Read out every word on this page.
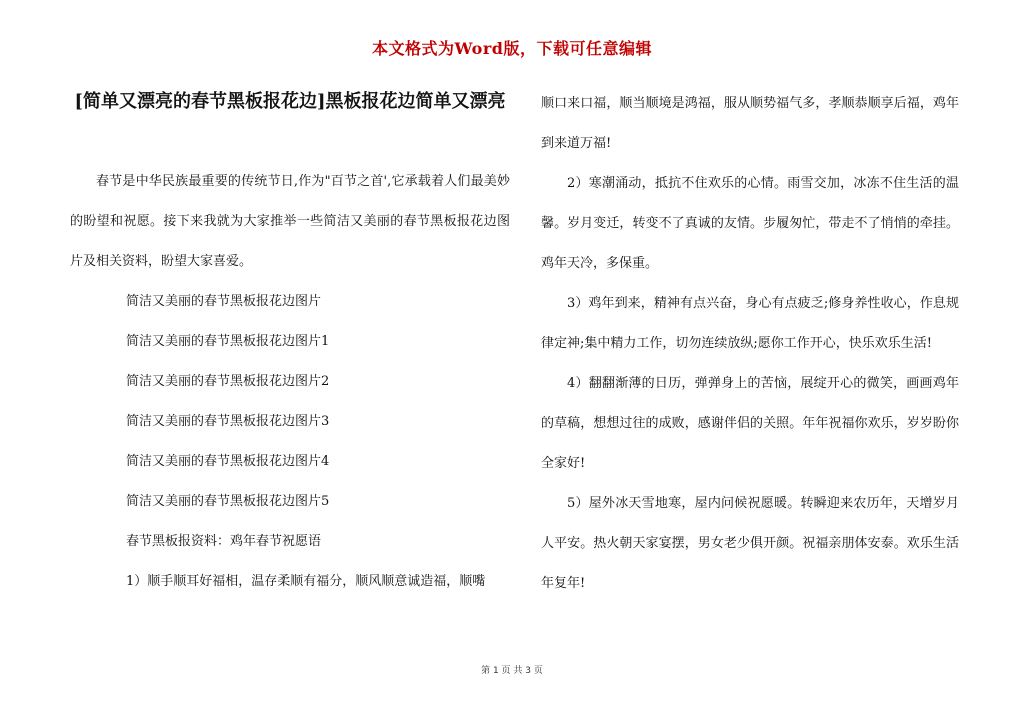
本文格式为Word版，下载可任意编辑
[简单又漂亮的春节黑板报花边]黑板报花边简单又漂亮

春节是中华民族最重要的传统节日,作为"百节之首',它承载着人们最美妙的盼望和祝愿。接下来我就为大家推举一些简洁又美丽的春节黑板报花边图片及相关资料，盼望大家喜爱。

简洁又美丽的春节黑板报花边图片

简洁又美丽的春节黑板报花边图片1

简洁又美丽的春节黑板报花边图片2

简洁又美丽的春节黑板报花边图片3

简洁又美丽的春节黑板报花边图片4

简洁又美丽的春节黑板报花边图片5

春节黑板报资料：鸡年春节祝愿语

1）顺手顺耳好福相，温存柔顺有福分，顺风顺意诚造福，顺嘴

顺口来口福，顺当顺境是鸿福，服从顺势福气多，孝顺恭顺享后福，鸡年到来道万福!

2）寒潮涌动，抵抗不住欢乐的心情。雨雪交加，冰冻不住生活的温馨。岁月变迁，转变不了真诚的友情。步履匆忙，带走不了悄悄的牵挂。鸡年天冷，多保重。

3）鸡年到来，精神有点兴奋，身心有点疲乏;修身养性收心，作息规律定神;集中精力工作，切勿连续放纵;愿你工作开心，快乐欢乐生活!

4）翻翻渐薄的日历，弹弹身上的苦恼，展绽开心的微笑，画画鸡年的草稿，想想过往的成败，感谢伴侣的关照。年年祝福你欢乐，岁岁盼你全家好!

5）屋外冰天雪地寒，屋内问候祝愿暖。转瞬迎来农历年，天增岁月人平安。热火朝天家宴摆，男女老少俱开颜。祝福亲朋体安泰。欢乐生活年复年!

第 1 页 共 3 页
